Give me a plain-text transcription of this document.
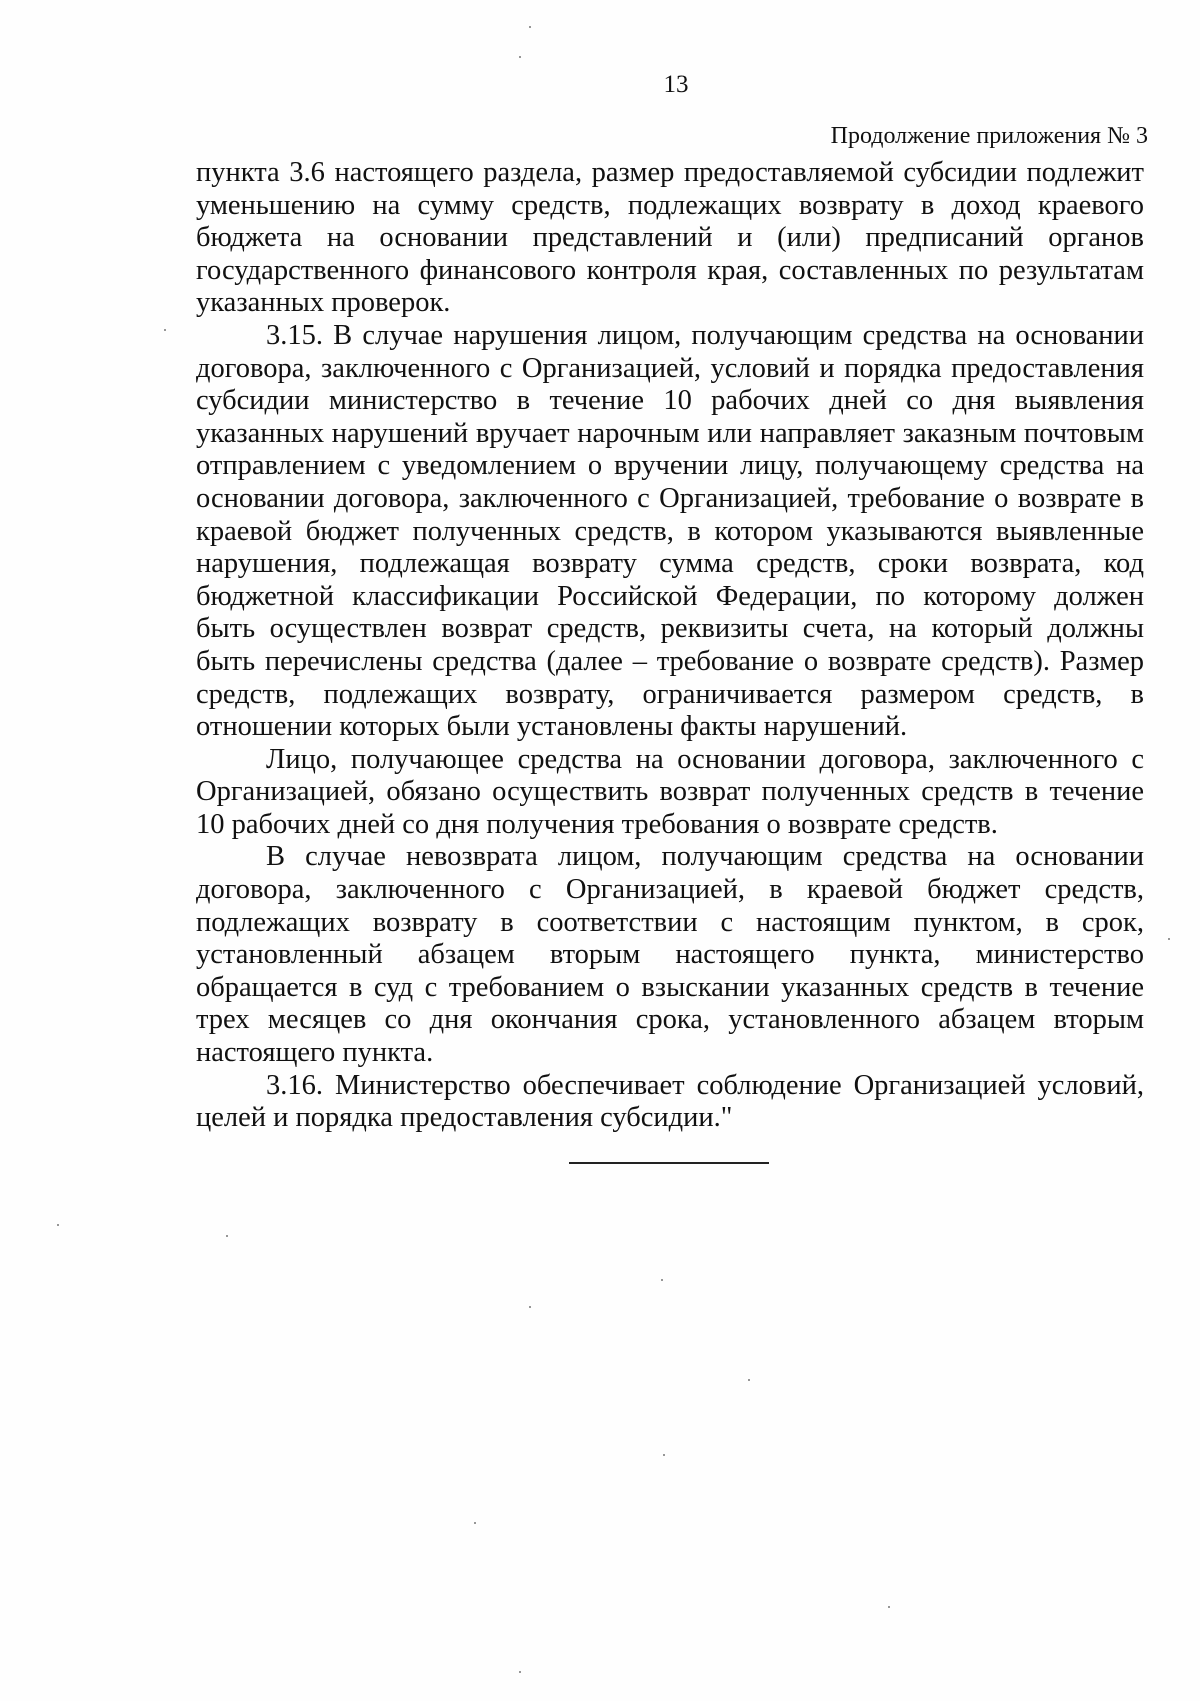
13
Продолжение приложения № 3

пункта 3.6 настоящего раздела, размер предоставляемой субсидии подлежит уменьшению на сумму средств, подлежащих возврату в доход краевого бюджета на основании представлений и (или) предписаний органов государственного финансового контроля края, составленных по результатам указанных проверок.

3.15. В случае нарушения лицом, получающим средства на основании договора, заключенного с Организацией, условий и порядка предоставления субсидии министерство в течение 10 рабочих дней со дня выявления указанных нарушений вручает нарочным или направляет заказным почтовым отправлением с уведомлением о вручении лицу, получающему средства на основании договора, заключенного с Организацией, требование о возврате в краевой бюджет полученных средств, в котором указываются выявленные нарушения, подлежащая возврату сумма средств, сроки возврата, код бюджетной классификации Российской Федерации, по которому должен быть осуществлен возврат средств, реквизиты счета, на который должны быть перечислены средства (далее – требование о возврате средств). Размер средств, подлежащих возврату, ограничивается размером средств, в отношении которых были установлены факты нарушений.

Лицо, получающее средства на основании договора, заключенного с Организацией, обязано осуществить возврат полученных средств в течение 10 рабочих дней со дня получения требования о возврате средств.

В случае невозврата лицом, получающим средства на основании договора, заключенного с Организацией, в краевой бюджет средств, подлежащих возврату в соответствии с настоящим пунктом, в срок, установленный абзацем вторым настоящего пункта, министерство обращается в суд с требованием о взыскании указанных средств в течение трех месяцев со дня окончания срока, установленного абзацем вторым настоящего пункта.

3.16. Министерство обеспечивает соблюдение Организацией условий, целей и порядка предоставления субсидии."
